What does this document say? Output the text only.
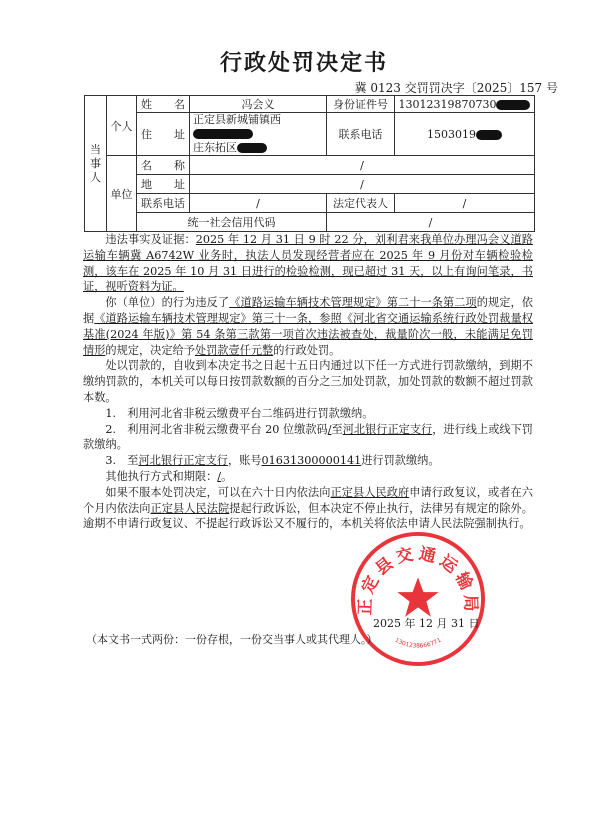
行政处罚决定书
冀 0123 交罚罚决字〔2025〕157 号
当事人	个人	姓　　名	冯会义	身份证件号	13012319870730
		住　　址	正定县新城铺镇西
庄东拓区	联系电话	1503019
	单位	名　　称	/		
		地　　址	/		
		联系电话	/	法定代表人	/
		统一社会信用代码		/	

违法事实及证据：2025 年 12 月 31 日 9 时 22 分，刘利君来我单位办理冯会义道路运输车辆冀 A6742W 业务时，执法人员发现经营者应在 2025 年 9 月份对车辆检验检测，该车在 2025 年 10 月 31 日进行的检验检测，现已超过 31 天，以上有询问笔录，书证，视听资料为证。

你（单位）的行为违反了《道路运输车辆技术管理规定》第二十一条第二项的规定，依据《道路运输车辆技术管理规定》第三十一条，参照《河北省交通运输系统行政处罚裁量权基准(2024 年版)》第 54 条第三款第一项首次违法被查处，裁量阶次一般，未能满足免罚情形的规定，决定给予处罚款壹仟元整的行政处罚。

处以罚款的，自收到本决定书之日起十五日内通过以下任一方式进行罚款缴纳，到期不缴纳罚款的，本机关可以每日按罚款数额的百分之三加处罚款，加处罚款的数额不超过罚款本数。

1.　利用河北省非税云缴费平台二维码进行罚款缴纳。

2.　利用河北省非税云缴费平台 20 位缴款码/至河北银行正定支行，进行线上或线下罚款缴纳。

3.　至河北银行正定支行，账号01631300000141进行罚款缴纳。

其他执行方式和期限：/。

如果不服本处罚决定，可以在六十日内依法向正定县人民政府申请行政复议，或者在六个月内依法向正定县人民法院提起行政诉讼，但本决定不停止执行，法律另有规定的除外。逾期不申请行政复议、不提起行政诉讼又不履行的，本机关将依法申请人民法院强制执行。

正定县交通运输局
1301238666771
2025 年 12 月 31 日
（本文书一式两份：一份存根，一份交当事人或其代理人。）
